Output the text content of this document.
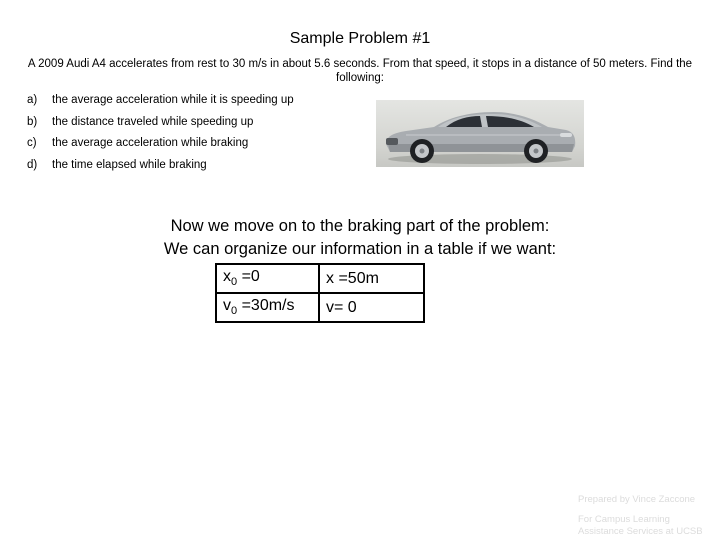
Sample Problem #1
A 2009 Audi A4 accelerates from rest to 30 m/s in about 5.6 seconds. From that speed, it stops in a distance of 50 meters. Find the following:
a) the average acceleration while it is speeding up
b) the distance traveled while speeding up
c) the average acceleration while braking
d) the time elapsed while braking
Now we move on to the braking part of the problem:
We can organize our information in a table if we want:
$x_0 =0$	x =50m
$v_0 =30m/s$	v= 0
Prepared by Vince Zaccone
For Campus Learning
Assistance Services at UCSB
